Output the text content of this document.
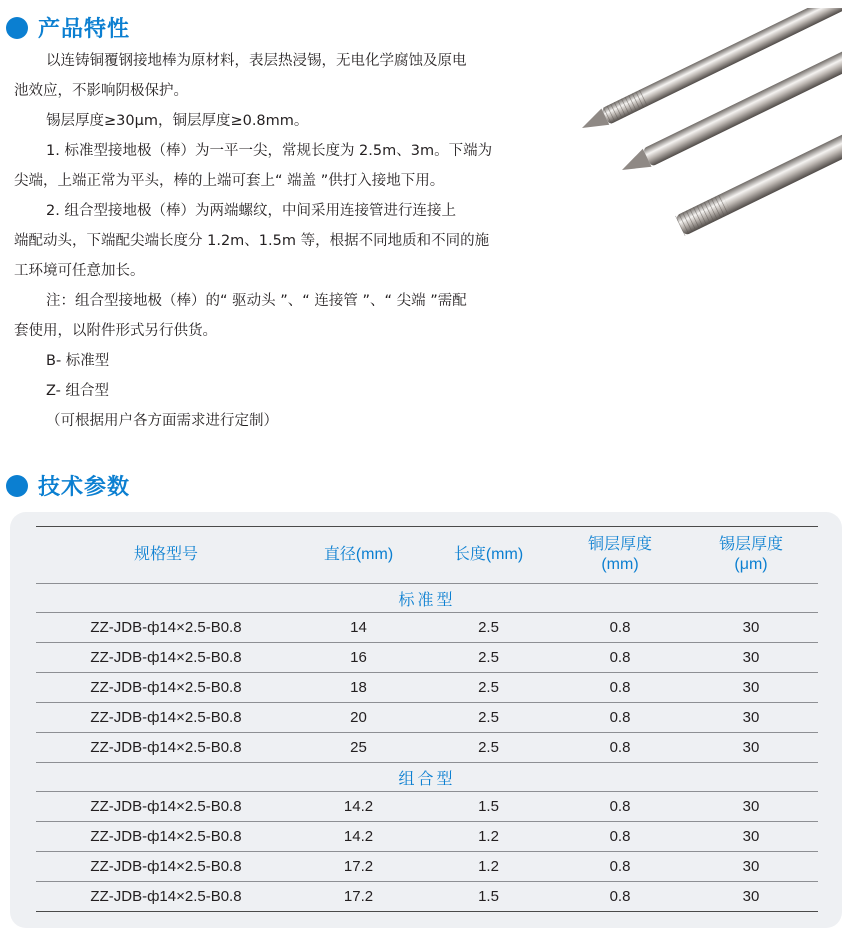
产品特性

以连铸铜覆钢接地棒为原材料，表层热浸锡，无电化学腐蚀及原电

池效应，不影响阴极保护。

锡层厚度≥30μm，铜层厚度≥0.8mm。

1. 标准型接地极（棒）为一平一尖，常规长度为 2.5m、3m。下端为

尖端，上端正常为平头，棒的上端可套上“ 端盖 ”供打入接地下用。

2. 组合型接地极（棒）为两端螺纹，中间采用连接管进行连接上

端配动头，下端配尖端长度分 1.2m、1.5m 等，根据不同地质和不同的施

工环境可任意加长。

注：组合型接地极（棒）的“ 驱动头 ”、“ 连接管 ”、“ 尖端 ”需配

套使用，以附件形式另行供货。

B- 标准型

Z- 组合型

（可根据用户各方面需求进行定制）

技术参数
规格型号	直径(mm)	长度(mm)	铜层厚度
(mm)	锡层厚度
(μm)
标准型				
ZZ-JDB-ф14×2.5-B0.8	14	2.5	0.8	30
ZZ-JDB-ф14×2.5-B0.8	16	2.5	0.8	30
ZZ-JDB-ф14×2.5-B0.8	18	2.5	0.8	30
ZZ-JDB-ф14×2.5-B0.8	20	2.5	0.8	30
ZZ-JDB-ф14×2.5-B0.8	25	2.5	0.8	30
组合型				
ZZ-JDB-ф14×2.5-B0.8	14.2	1.5	0.8	30
ZZ-JDB-ф14×2.5-B0.8	14.2	1.2	0.8	30
ZZ-JDB-ф14×2.5-B0.8	17.2	1.2	0.8	30
ZZ-JDB-ф14×2.5-B0.8	17.2	1.5	0.8	30
